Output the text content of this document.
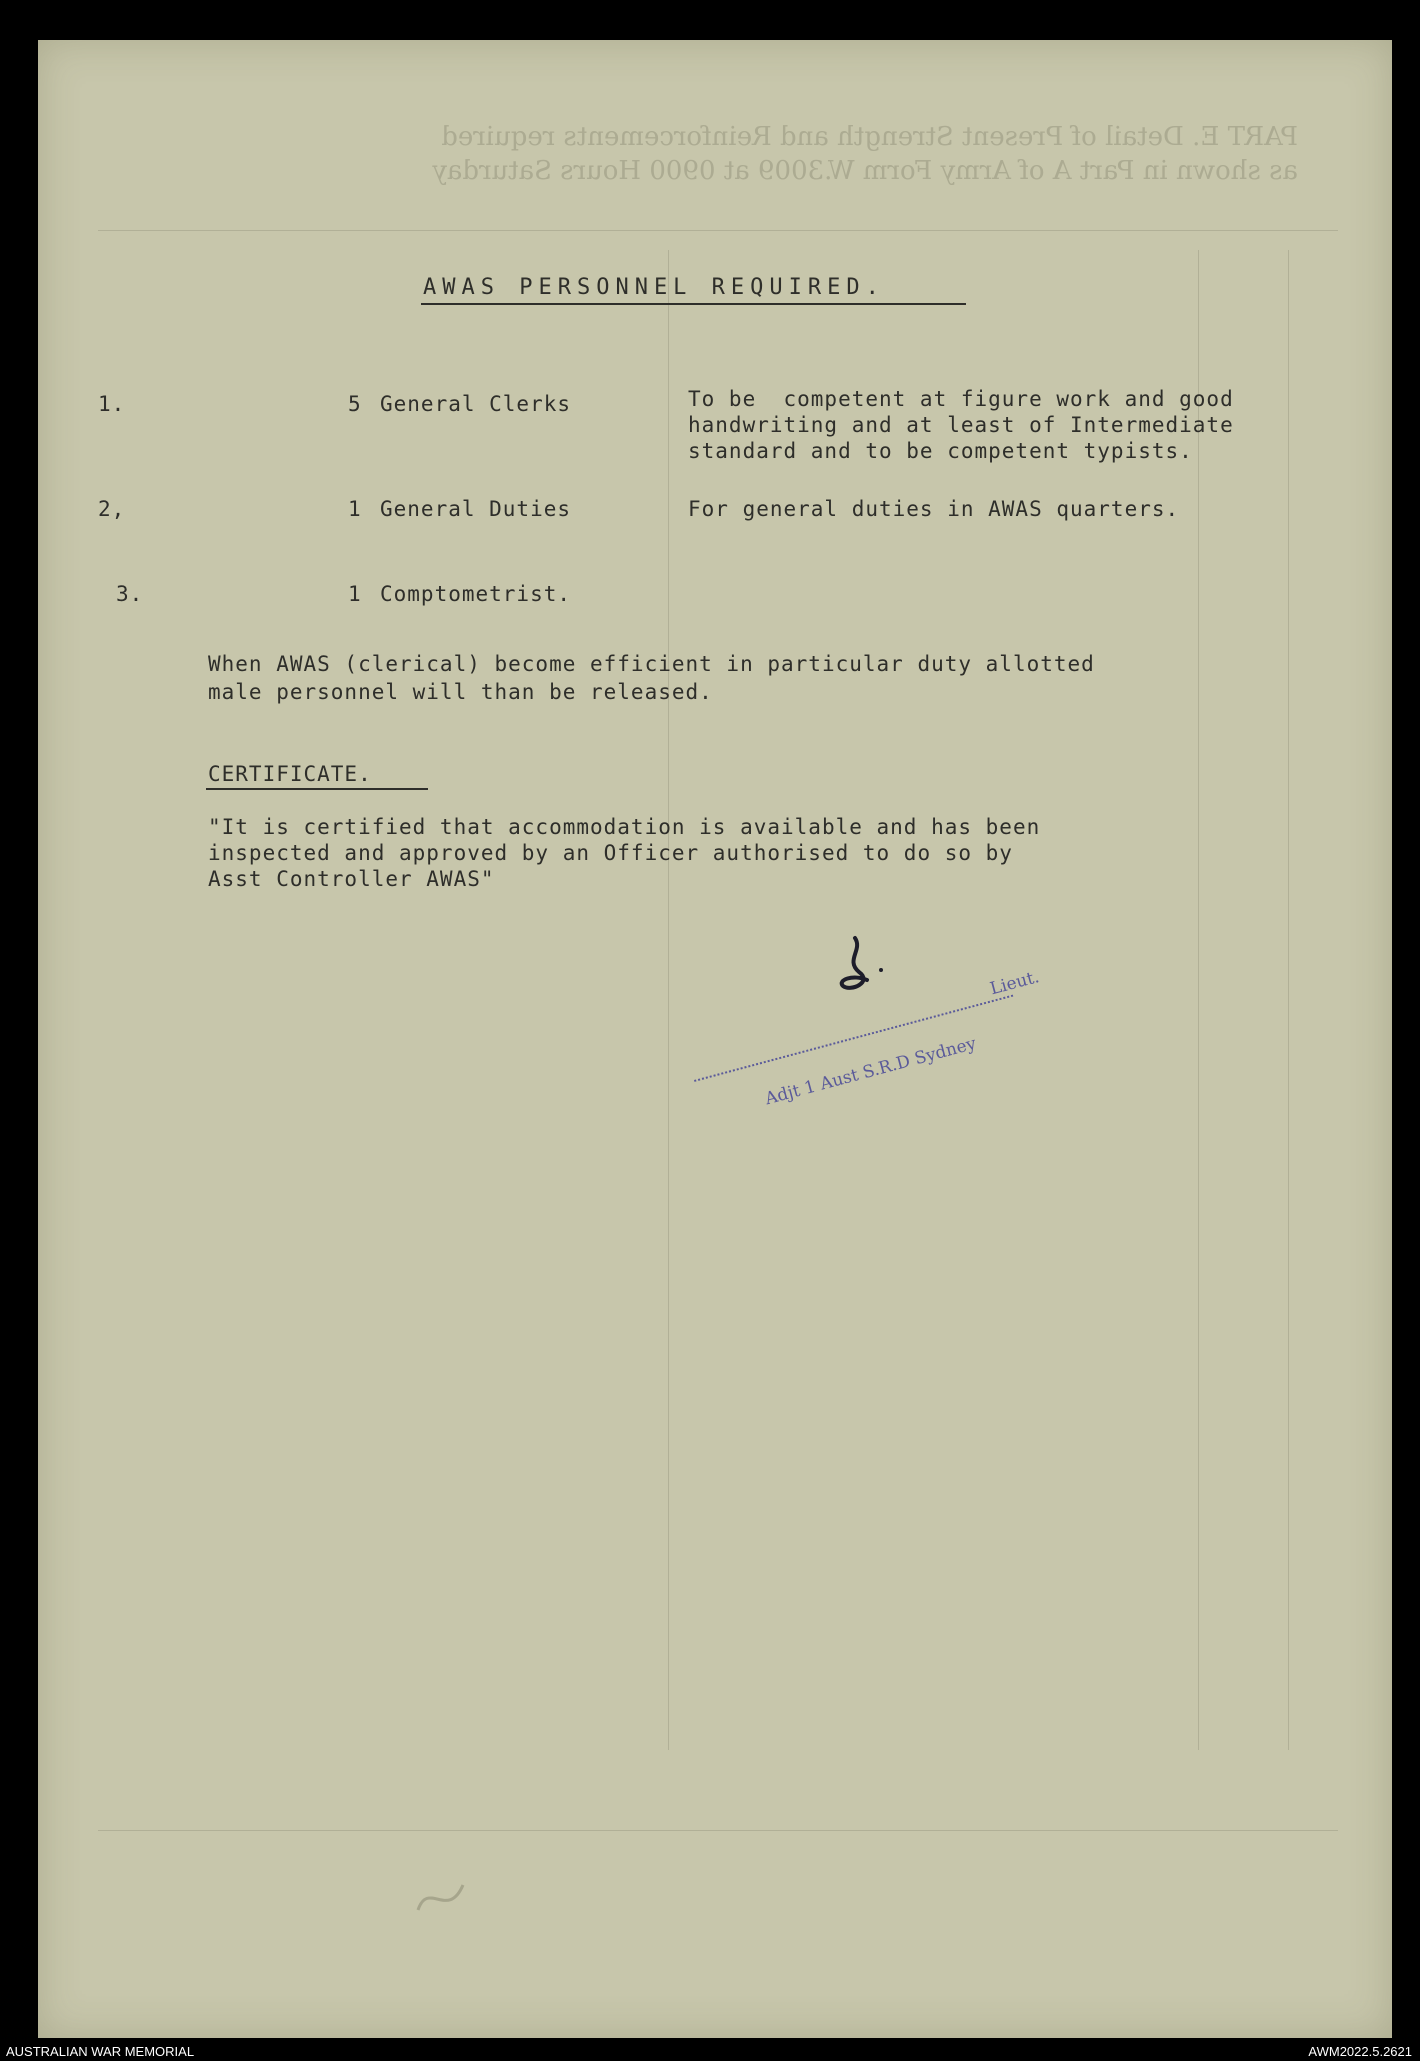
PART E. Detail of Present Strength and Reinforcements required as shown in Part A of Army Form W.3009 at 0900 Hours Saturday
AWAS PERSONNEL REQUIRED.
1.	5 General Clerks	To be  competent at figure work and good
handwriting and at least of Intermediate
standard and to be competent typists.
2,	1 General Duties	For general duties in AWAS quarters.
3.	1 Comptometrist.
When AWAS (clerical) become efficient in particular duty allotted
male personnel will than be released.
CERTIFICATE.
"It is certified that accommodation is available and has been
inspected and approved by an Officer authorised to do so by
Asst Controller AWAS"
Lieut.
Adjt 1 Aust S.R.D Sydney
AUSTRALIAN WAR MEMORIAL	AWM2022.5.2621
